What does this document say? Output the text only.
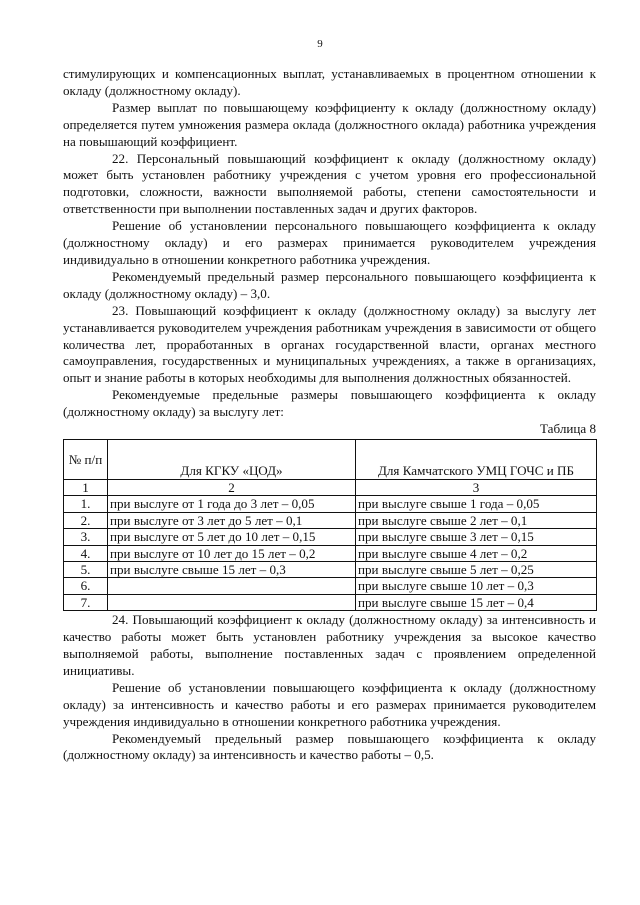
9

стимулирующих и компенсационных выплат, устанавливаемых в процентном отношении к окладу (должностному окладу).

Размер выплат по повышающему коэффициенту к окладу (должностному окладу) определяется путем умножения размера оклада (должностного оклада) работника учреждения на повышающий коэффициент.

22. Персональный повышающий коэффициент к окладу (должностному окладу) может быть установлен работнику учреждения с учетом уровня его профессиональной подготовки, сложности, важности выполняемой работы, степени самостоятельности и ответственности при выполнении поставленных задач и других факторов.

Решение об установлении персонального повышающего коэффициента к окладу (должностному окладу) и его размерах принимается руководителем учреждения индивидуально в отношении конкретного работника учреждения.

Рекомендуемый предельный размер персонального повышающего коэффициента к окладу (должностному окладу) – 3,0.

23. Повышающий коэффициент к окладу (должностному окладу) за выслугу лет устанавливается руководителем учреждения работникам учреждения в зависимости от общего количества лет, проработанных в органах государственной власти, органах местного самоуправления, государственных и муниципальных учреждениях, а также в организациях, опыт и знание работы в которых необходимы для выполнения должностных обязанностей.

Рекомендуемые предельные размеры повышающего коэффициента к окладу (должностному окладу) за выслугу лет:

Таблица 8

№ п/п	Для КГКУ «ЦОД»	Для Камчатского УМЦ ГОЧС и ПБ
1	2	3
1.	при выслуге от 1 года до 3 лет – 0,05	при выслуге свыше 1 года – 0,05
2.	при выслуге от 3 лет до 5 лет – 0,1	при выслуге свыше 2 лет – 0,1
3.	при выслуге от 5 лет до 10 лет – 0,15	при выслуге свыше 3 лет – 0,15
4.	при выслуге от 10 лет до 15 лет – 0,2	при выслуге свыше 4 лет – 0,2
5.	при выслуге свыше 15 лет – 0,3	при выслуге свыше 5 лет – 0,25
6.		при выслуге свыше 10 лет – 0,3
7.		при выслуге свыше 15 лет – 0,4

24. Повышающий коэффициент к окладу (должностному окладу) за интенсивность и качество работы может быть установлен работнику учреждения за высокое качество выполняемой работы, выполнение поставленных задач с проявлением определенной инициативы.

Решение об установлении повышающего коэффициента к окладу (должностному окладу) за интенсивность и качество работы и его размерах принимается руководителем учреждения индивидуально в отношении конкретного работника учреждения.

Рекомендуемый предельный размер повышающего коэффициента к окладу (должностному окладу) за интенсивность и качество работы – 0,5.
